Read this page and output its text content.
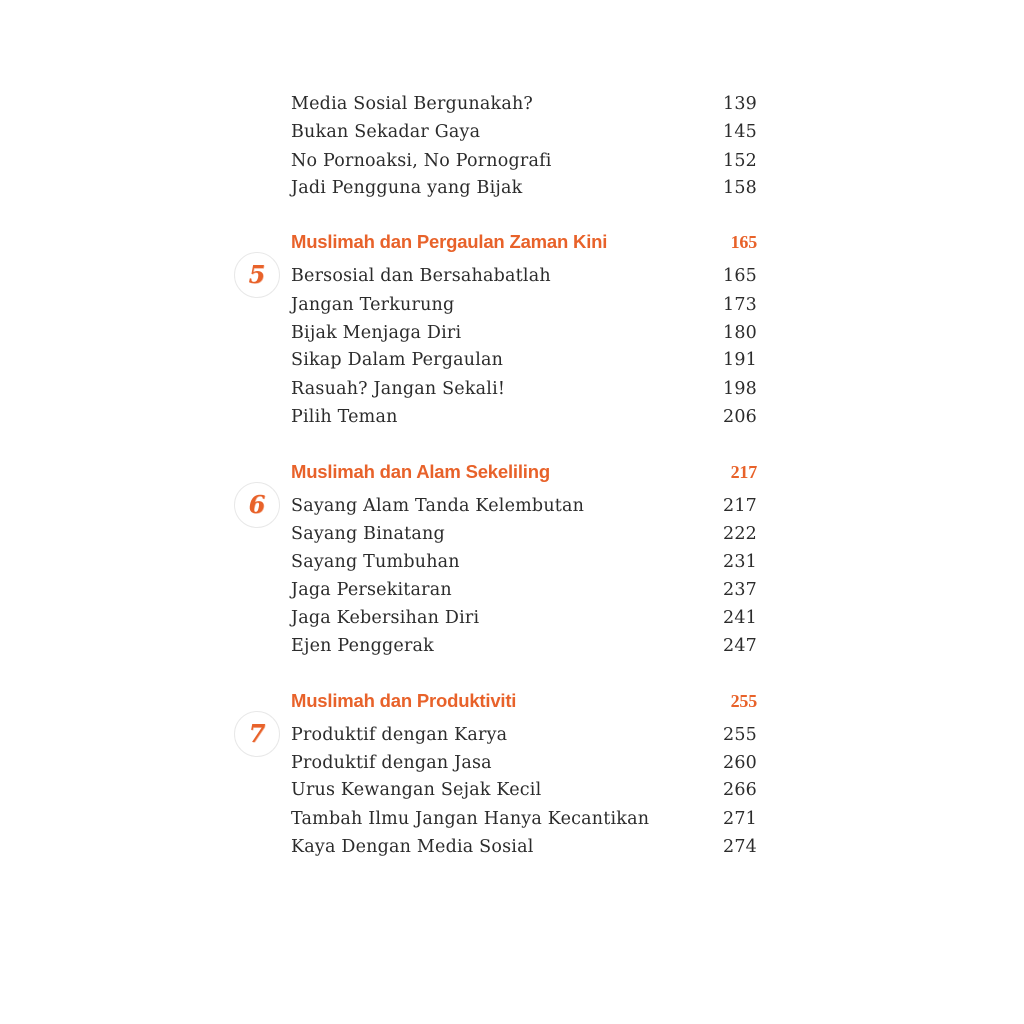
Media Sosial Bergunakah?	139
Bukan Sekadar Gaya	145
No Pornoaksi, No Pornografi	152
Jadi Pengguna yang Bijak	158
Muslimah dan Pergaulan Zaman Kini	165
5 Bersosial dan Bersahabatlah	165
Jangan Terkurung	173
Bijak Menjaga Diri	180
Sikap Dalam Pergaulan	191
Rasuah? Jangan Sekali!	198
Pilih Teman	206
Muslimah dan Alam Sekeliling	217
6 Sayang Alam Tanda Kelembutan	217
Sayang Binatang	222
Sayang Tumbuhan	231
Jaga Persekitaran	237
Jaga Kebersihan Diri	241
Ejen Penggerak	247
Muslimah dan Produktiviti	255
7 Produktif dengan Karya	255
Produktif dengan Jasa	260
Urus Kewangan Sejak Kecil	266
Tambah Ilmu Jangan Hanya Kecantikan	271
Kaya Dengan Media Sosial	274
